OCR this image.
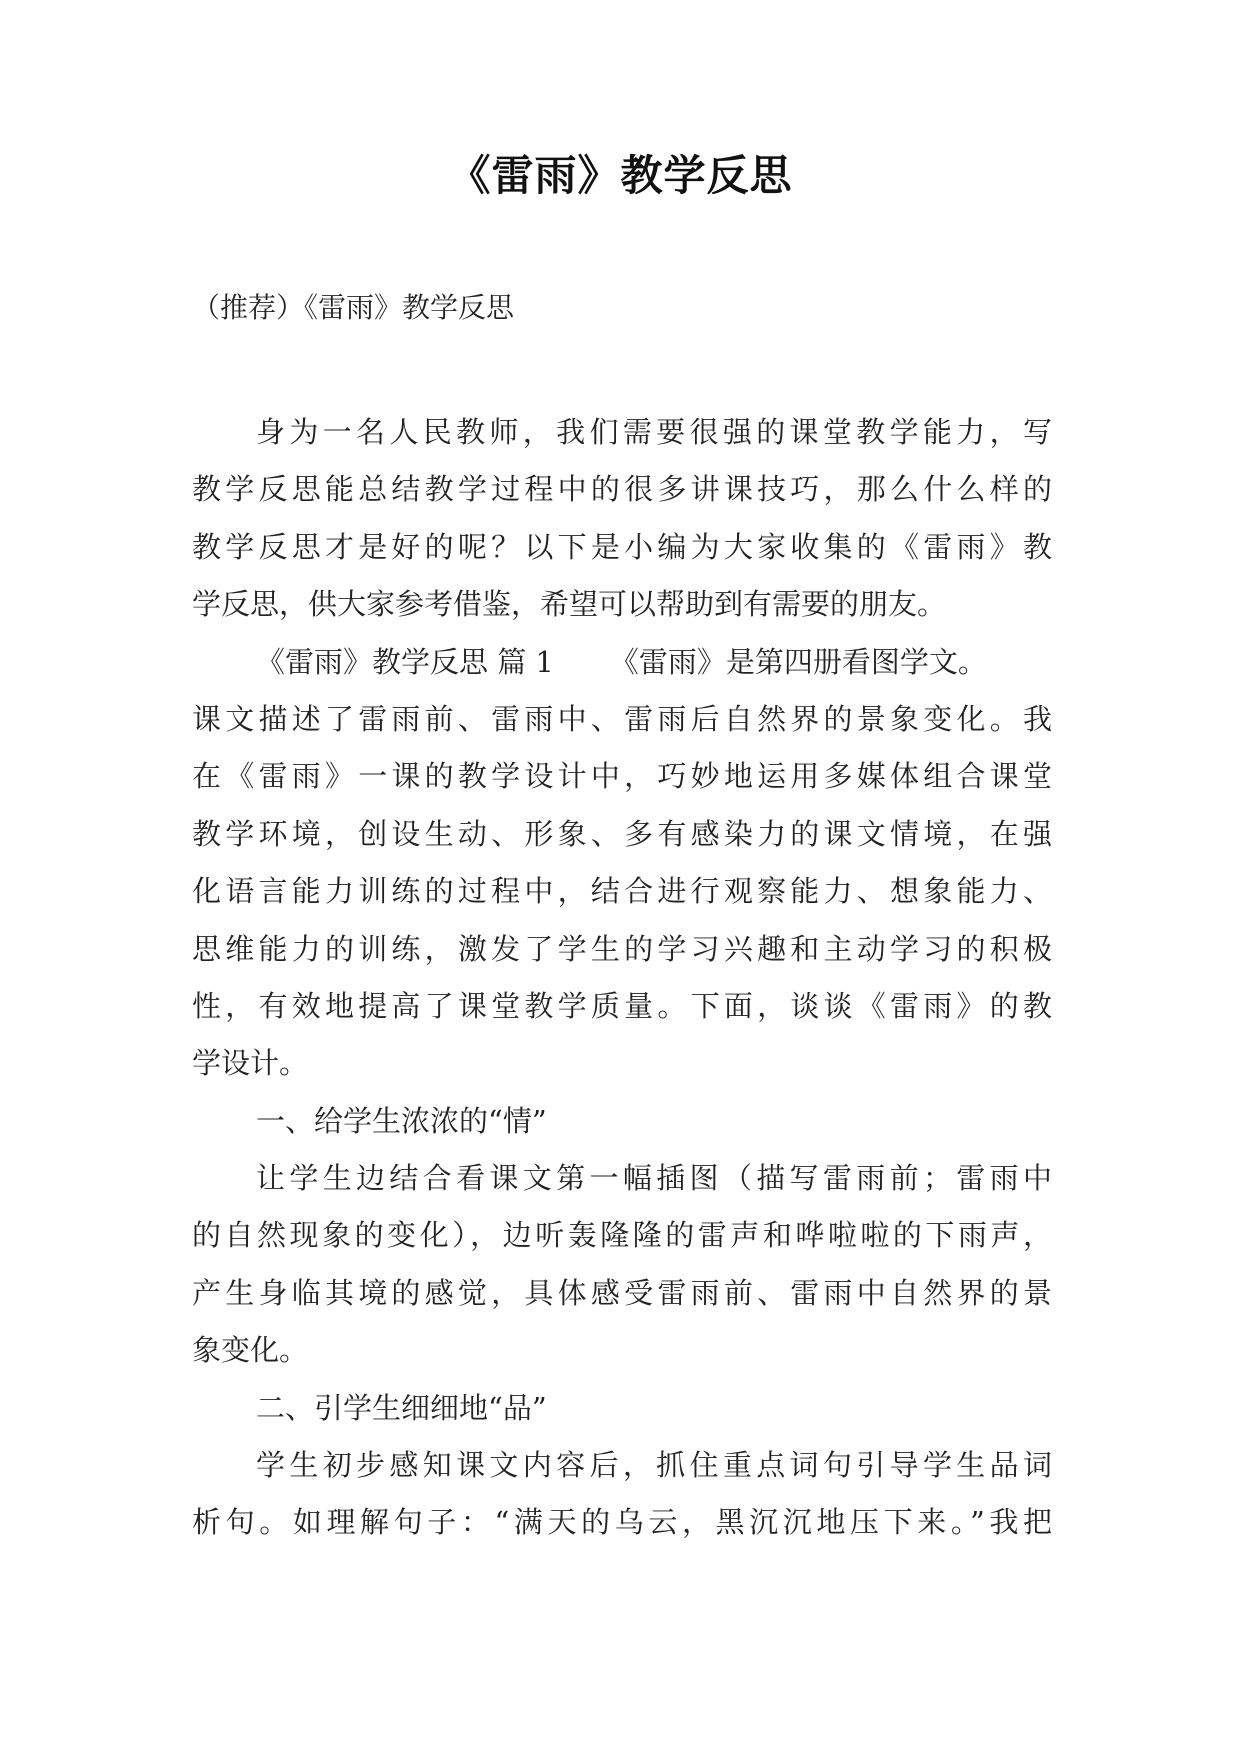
《雷雨》教学反思
（推荐）《雷雨》教学反思
身为一名人民教师，我们需要很强的课堂教学能力，写
教学反思能总结教学过程中的很多讲课技巧，那么什么样的
教学反思才是好的呢？以下是小编为大家收集的《雷雨》教
学反思，供大家参考借鉴，希望可以帮助到有需要的朋友。
《雷雨》教学反思 篇 1 《雷雨》是第四册看图学文。
课文描述了雷雨前、雷雨中、雷雨后自然界的景象变化。我
在《雷雨》一课的教学设计中，巧妙地运用多媒体组合课堂
教学环境，创设生动、形象、多有感染力的课文情境，在强
化语言能力训练的过程中，结合进行观察能力、想象能力、
思维能力的训练，激发了学生的学习兴趣和主动学习的积极
性，有效地提高了课堂教学质量。下面，谈谈《雷雨》的教
学设计。
一、给学生浓浓的“情”
让学生边结合看课文第一幅插图（描写雷雨前；雷雨中
的自然现象的变化），边听轰隆隆的雷声和哗啦啦的下雨声，
产生身临其境的感觉，具体感受雷雨前、雷雨中自然界的景
象变化。
二、引学生细细地“品”
学生初步感知课文内容后，抓住重点词句引导学生品词
析句。如理解句子：“满天的乌云，黑沉沉地压下来。”我把
